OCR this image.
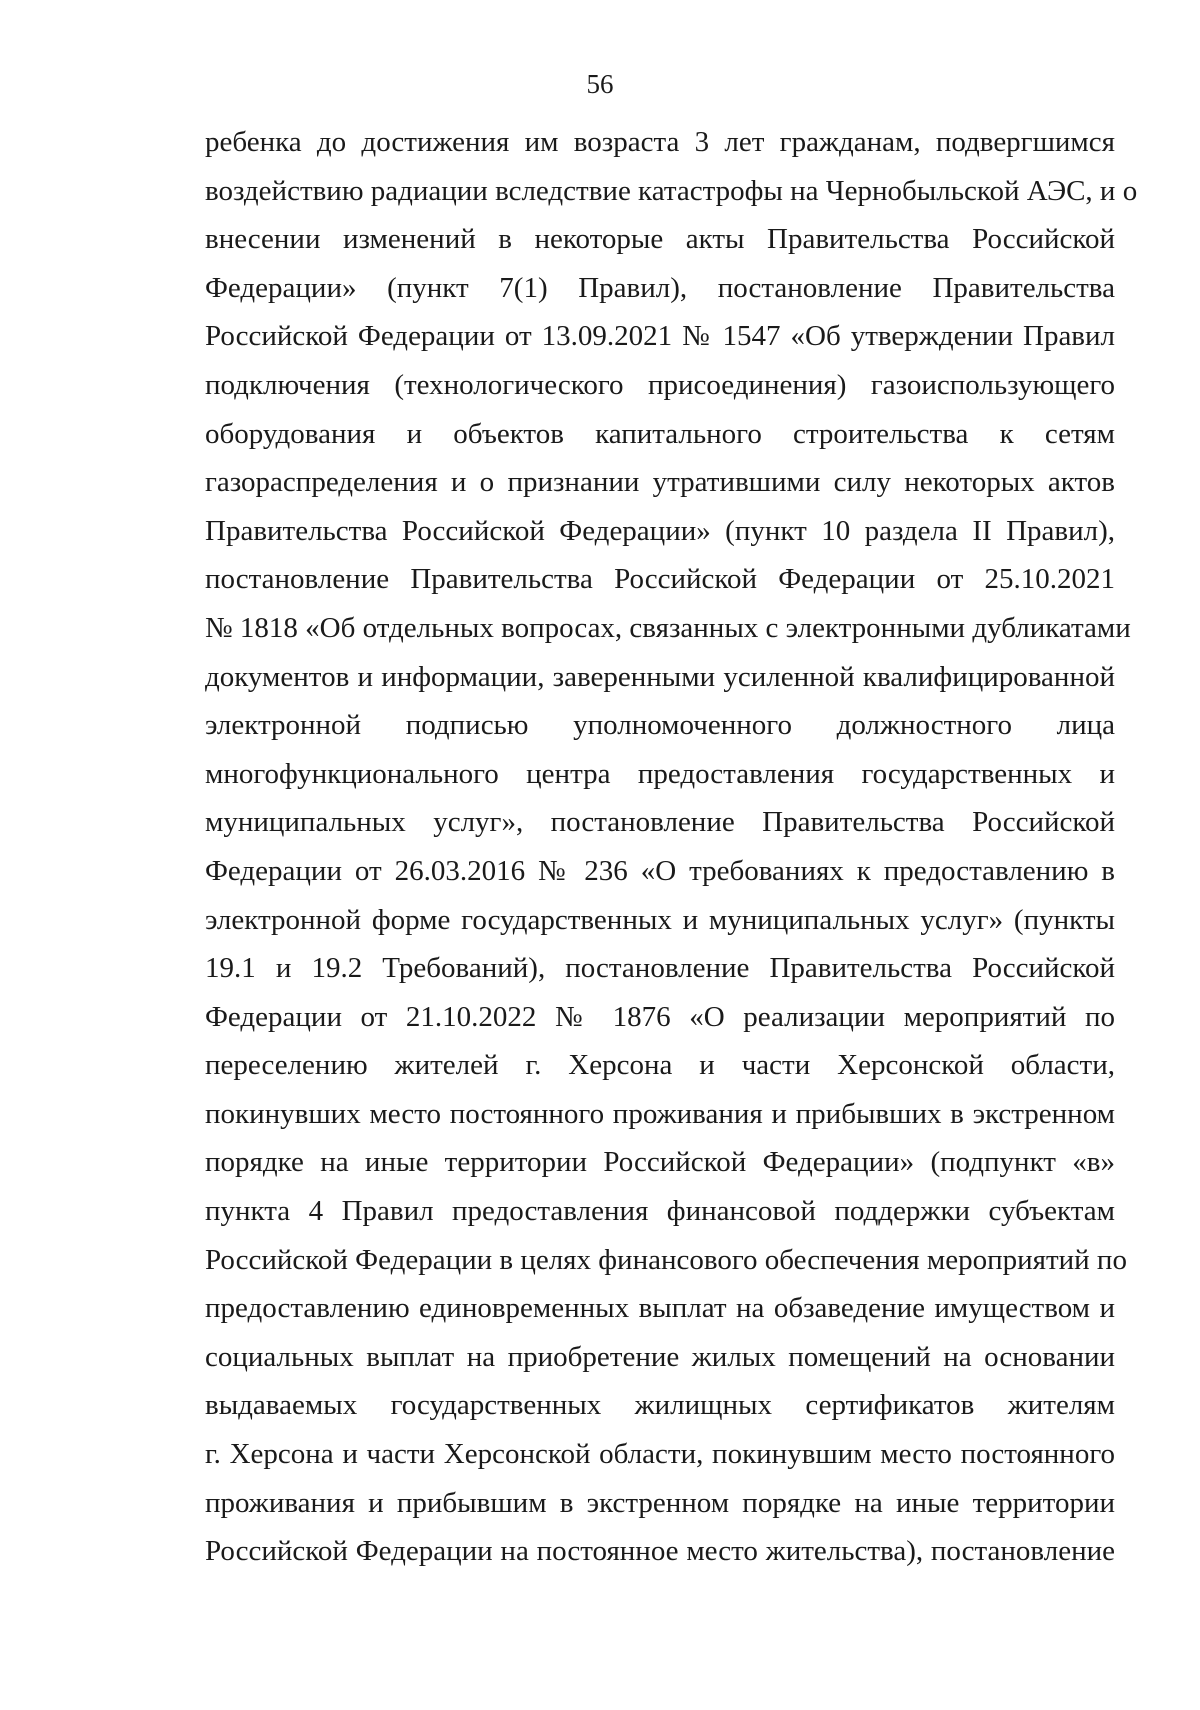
56
ребенка до достижения им возраста 3 лет гражданам, подвергшимся
воздействию радиации вследствие катастрофы на Чернобыльской АЭС, и о
внесении изменений в некоторые акты Правительства Российской
Федерации» (пункт 7(1) Правил), постановление Правительства
Российской Федерации от 13.09.2021 № 1547 «Об утверждении Правил
подключения (технологического присоединения) газоиспользующего
оборудования и объектов капитального строительства к сетям
газораспределения и о признании утратившими силу некоторых актов
Правительства Российской Федерации» (пункт 10 раздела II Правил),
постановление Правительства Российской Федерации от 25.10.2021
№ 1818 «Об отдельных вопросах, связанных с электронными дубликатами
документов и информации, заверенными усиленной квалифицированной
электронной подписью уполномоченного должностного лица
многофункционального центра предоставления государственных и
муниципальных услуг», постановление Правительства Российской
Федерации от 26.03.2016 № 236 «О требованиях к предоставлению в
электронной форме государственных и муниципальных услуг» (пункты
19.1 и 19.2 Требований), постановление Правительства Российской
Федерации от 21.10.2022 № 1876 «О реализации мероприятий по
переселению жителей г. Херсона и части Херсонской области,
покинувших место постоянного проживания и прибывших в экстренном
порядке на иные территории Российской Федерации» (подпункт «в»
пункта 4 Правил предоставления финансовой поддержки субъектам
Российской Федерации в целях финансового обеспечения мероприятий по
предоставлению единовременных выплат на обзаведение имуществом и
социальных выплат на приобретение жилых помещений на основании
выдаваемых государственных жилищных сертификатов жителям
г. Херсона и части Херсонской области, покинувшим место постоянного
проживания и прибывшим в экстренном порядке на иные территории
Российской Федерации на постоянное место жительства), постановление
